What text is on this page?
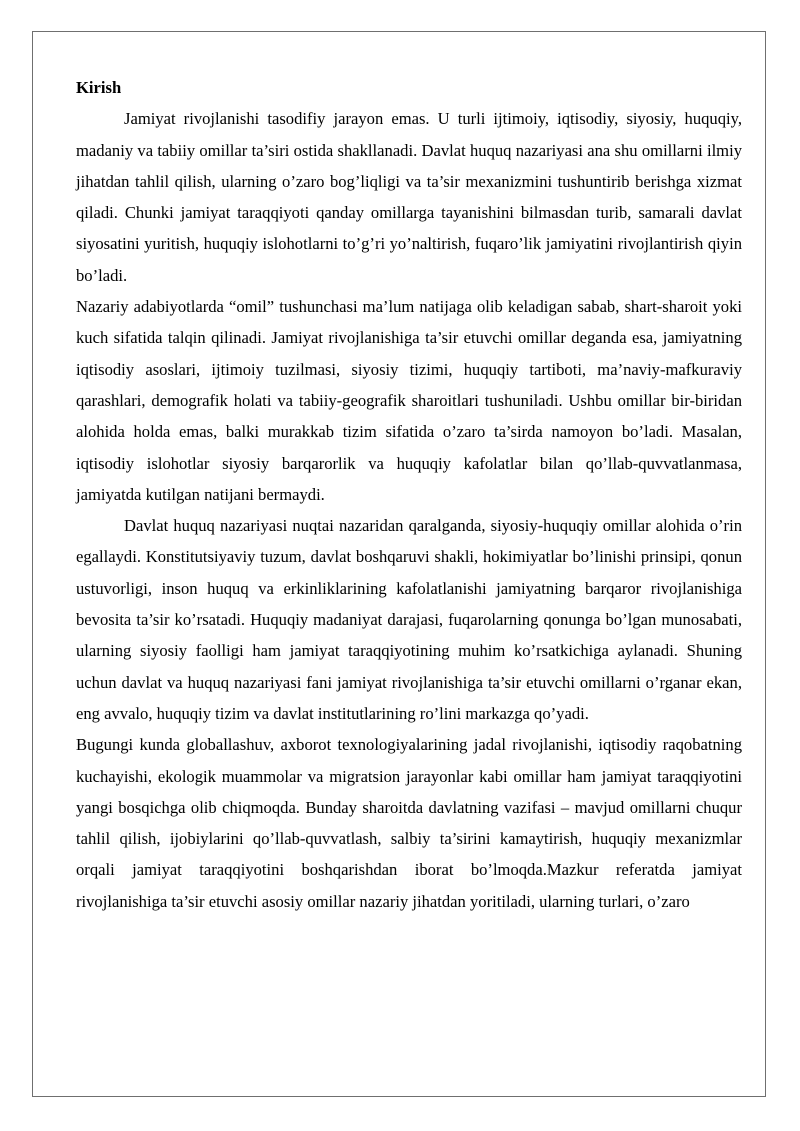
Kirish

Jamiyat rivojlanishi tasodifiy jarayon emas. U turli ijtimoiy, iqtisodiy, siyosiy, huquqiy, madaniy va tabiiy omillar ta’siri ostida shakllanadi. Davlat huquq nazariyasi ana shu omillarni ilmiy jihatdan tahlil qilish, ularning o’zaro bog’liqligi va ta’sir mexanizmini tushuntirib berishga xizmat qiladi. Chunki jamiyat taraqqiyoti qanday omillarga tayanishini bilmasdan turib, samarali davlat siyosatini yuritish, huquqiy islohotlarni to’g’ri yo’naltirish, fuqaro’lik jamiyatini rivojlantirish qiyin bo’ladi.

Nazariy adabiyotlarda “omil” tushunchasi ma’lum natijaga olib keladigan sabab, shart-sharoit yoki kuch sifatida talqin qilinadi. Jamiyat rivojlanishiga ta’sir etuvchi omillar deganda esa, jamiyatning iqtisodiy asoslari, ijtimoiy tuzilmasi, siyosiy tizimi, huquqiy tartiboti, ma’naviy-mafkuraviy qarashlari, demografik holati va tabiiy-geografik sharoitlari tushuniladi. Ushbu omillar bir-biridan alohida holda emas, balki murakkab tizim sifatida o’zaro ta’sirda namoyon bo’ladi. Masalan, iqtisodiy islohotlar siyosiy barqarorlik va huquqiy kafolatlar bilan qo’llab-quvvatlanmasa, jamiyatda kutilgan natijani bermaydi.

Davlat huquq nazariyasi nuqtai nazaridan qaralganda, siyosiy-huquqiy omillar alohida o’rin egallaydi. Konstitutsiyaviy tuzum, davlat boshqaruvi shakli, hokimiyatlar bo’linishi prinsipi, qonun ustuvorligi, inson huquq va erkinliklarining kafolatlanishi jamiyatning barqaror rivojlanishiga bevosita ta’sir ko’rsatadi. Huquqiy madaniyat darajasi, fuqarolarning qonunga bo’lgan munosabati, ularning siyosiy faolligi ham jamiyat taraqqiyotining muhim ko’rsatkichiga aylanadi. Shuning uchun davlat va huquq nazariyasi fani jamiyat rivojlanishiga ta’sir etuvchi omillarni o’rganar ekan, eng avvalo, huquqiy tizim va davlat institutlarining ro’lini markazga qo’yadi.

Bugungi kunda globallashuv, axborot texnologiyalarining jadal rivojlanishi, iqtisodiy raqobatning kuchayishi, ekologik muammolar va migratsion jarayonlar kabi omillar ham jamiyat taraqqiyotini yangi bosqichga olib chiqmoqda. Bunday sharoitda davlatning vazifasi – mavjud omillarni chuqur tahlil qilish, ijobiylarini qo’llab-quvvatlash, salbiy ta’sirini kamaytirish, huquqiy mexanizmlar orqali jamiyat taraqqiyotini boshqarishdan iborat bo’lmoqda.Mazkur referatda jamiyat rivojlanishiga ta’sir etuvchi asosiy omillar nazariy jihatdan yoritiladi, ularning turlari, o’zaro
